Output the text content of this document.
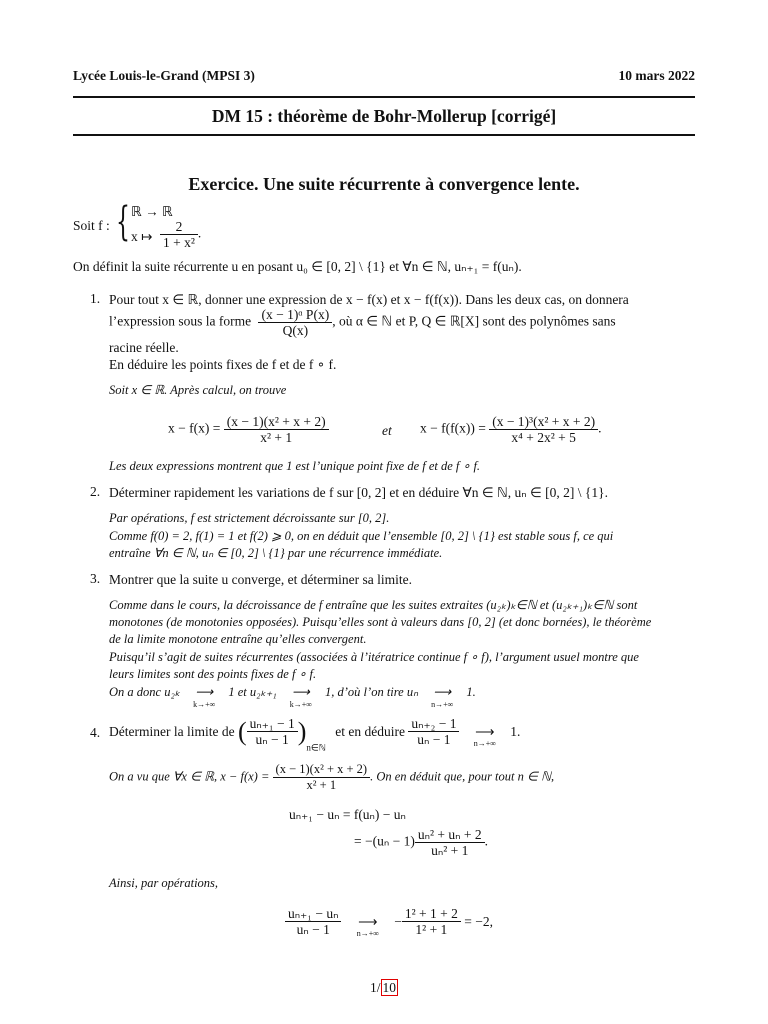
Lycée Louis-le-Grand (MPSI 3)	10 mars 2022
DM 15 : théorème de Bohr-Mollerup [corrigé]
Exercice. Une suite récurrente à convergence lente.
Soit f : { ℝ → ℝ
x ↦ $\frac{2}{\text{1 + x²}}$ .
On définit la suite récurrente u en posant u₀ ∈ [0, 2] \ {1} et ∀n ∈ ℕ, uₙ₊₁ = f(uₙ).
1. Pour tout x ∈ ℝ, donner une expression de x − f(x) et x − f(f(x)). Dans les deux cas, on donnera
l’expression sous la forme $\frac{\text{(x − 1)ᵅ P(x)}}{Q(x)}$ , où α ∈ ℕ et P, Q ∈ ℝ[X] sont des polynômes sans
racine réelle.
En déduire les points fixes de f et de f ∘ f.
Soit x ∈ ℝ. Après calcul, on trouve
$x - f(x) = \frac{\text{(x − 1)(x² + x + 2)}}{\text{x² + 1}}$	et $x - f(f(x)) = \frac{\text{(x − 1)³(x² + x + 2)}}{\text{x⁴ + 2x² + 5}}$ .
Les deux expressions montrent que 1 est l’unique point fixe de f et de f ∘ f.
2. Déterminer rapidement les variations de f sur [0, 2] et en déduire ∀n ∈ ℕ, uₙ ∈ [0, 2] \ {1}.
Par opérations, f est strictement décroissante sur [0, 2].
Comme f(0) = 2, f(1) = 1 et f(2) ⩾ 0, on en déduit que l’ensemble [0, 2] \ {1} est stable sous f, ce qui
entraîne ∀n ∈ ℕ, uₙ ∈ [0, 2] \ {1} par une récurrence immédiate.
3. Montrer que la suite u converge, et déterminer sa limite.
Comme dans le cours, la décroissance de f entraîne que les suites extraites (u₂ₖ)ₖ∈ℕ et (u₂ₖ₊₁)ₖ∈ℕ sont
monotones (de monotonies opposées). Puisqu’elles sont à valeurs dans [0, 2] (et donc bornées), le théorème
de la limite monotone entraîne qu’elles convergent.
Puisqu’il s’agit de suites récurrentes (associées à l’itératrice continue f ∘ f), l’argument usuel montre que
leurs limites sont des points fixes de f ∘ f.
On a donc u₂ₖ ⟶
k→+∞
1 et u₂ₖ₊₁ ⟶
k→+∞
1, d’où l’on tire uₙ ⟶
n→+∞
1.
4. Déterminer la limite de ( $\frac{\text{uₙ₊₁ − 1}}{\text{uₙ − 1}} )_{n\in ℕ}$ et en déduire $\frac{\text{uₙ₊₂ − 1}}{\text{uₙ − 1}}$ ⟶
n→+∞
1.
On a vu que ∀x ∈ ℝ, $x - f(x) = \frac{\text{(x − 1)(x² + x + 2)}}{\text{x² + 1}}$ . On en déduit que, pour tout n ∈ ℕ,
uₙ₊₁ − uₙ = f(uₙ) − uₙ
= $-(u_n - 1) \frac{\text{uₙ² + uₙ + 2}}{\text{uₙ² + 1}}$ .
Ainsi, par opérations,
$\frac{\text{uₙ₊₁ − uₙ}}{\text{uₙ − 1}}$ ⟶
n→+∞
− $\frac{\text{1² + 1 + 2}}{\text{1² + 1}} = -2$,
1/ 10
